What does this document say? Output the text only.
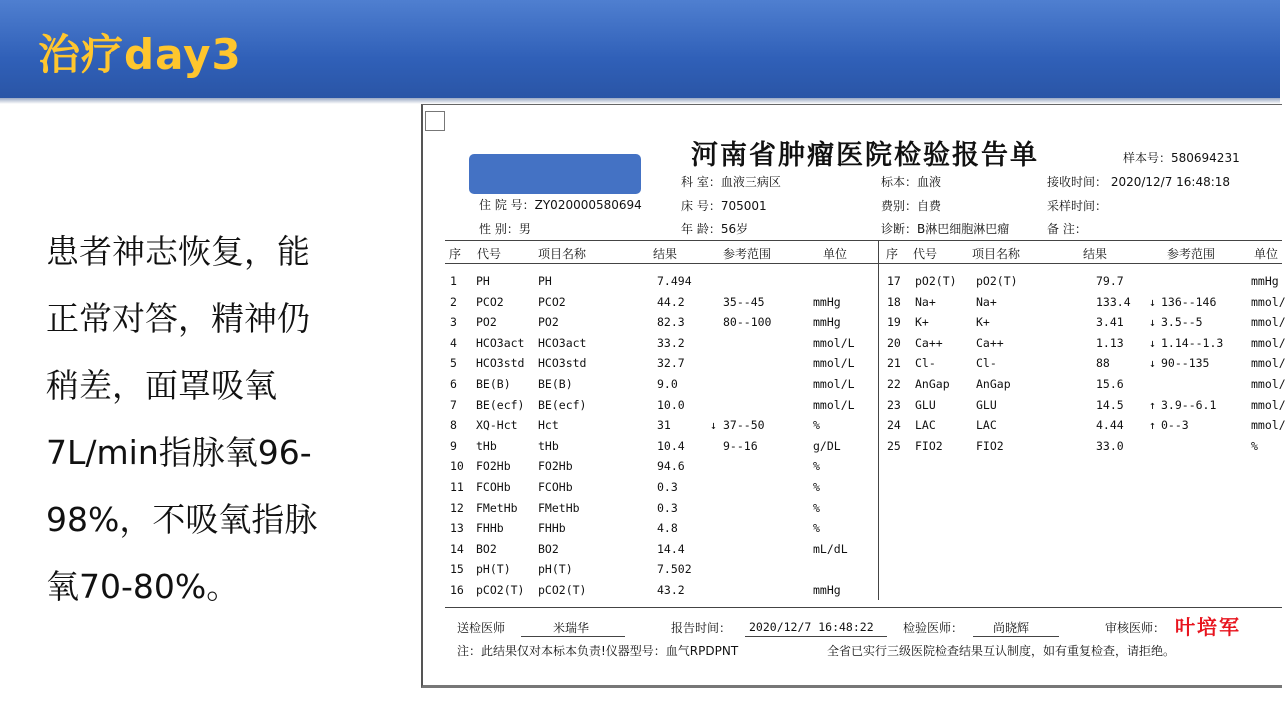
治疗day3
患者神志恢复，能
正常对答，精神仍
稍差，面罩吸氧
7L/min指脉氧96-
98%，不吸氧指脉
氧70-80%。
河南省肿瘤医院检验报告单	样本号：580694231
住 院 号：ZY020000580694
性 别：男
科 室：血液三病区
床 号：705001
年 龄：56岁
标本：血液
费别：自费
诊断：B淋巴细胞淋巴瘤
接收时间： 2020/12/7 16:48:18
采样时间：
备 注：
序 代号	项目名称	结果	参考范围	单位	序 代号	项目名称	结果	参考范围	单位
1 PH	PH	7.494
2 PCO2	PCO2	44.2	35--45	mmHg
3 PO2	PO2	82.3	80--100	mmHg
4 HCO3act HCO3act	33.2	mmol/L
5 HCO3std HCO3std	32.7	mmol/L
6 BE(B) BE(B)	9.0	mmol/L
7 BE(ecf) BE(ecf)	10.0	mmol/L
8 XQ-Hct Hct	31	↓ 37--50	%
9 tHb	tHb	10.4	9--16	g/DL
10 FO2Hb FO2Hb	94.6	%
11 FCOHb FCOHb	0.3	%
12 FMetHb FMetHb	0.3	%
13 FHHb	FHHb	4.8	%
14 BO2	BO2	14.4	mL/dL
15 pH(T) pH(T)	7.502
16 pCO2(T) pCO2(T)	43.2	mmHg
17 pO2(T) pO2(T)	79.7	mmHg
18 Na+	Na+	133.4 ↓ 136--146	mmol/
19 K+	K+	3.41 ↓ 3.5--5	mmol/
20 Ca++	Ca++	1.13 ↓ 1.14--1.3 mmol/
21 Cl-	Cl-	88	↓ 90--135	mmol/
22 AnGap AnGap	15.6	mmol/
23 GLU	GLU	14.5 ↑ 3.9--6.1	mmol/
24 LAC	LAC	4.44 ↑ 0--3	mmol/
25 FIO2	FIO2	33.0	%
送检医师	米瑞华	报告时间： 2020/12/7 16:48:22 检验医师： 尚晓辉	审核医师： 叶培军
注：此结果仅对本标本负责!仪器型号：血气RPDPNT	全省已实行三级医院检查结果互认制度，如有重复检查，请拒绝。
